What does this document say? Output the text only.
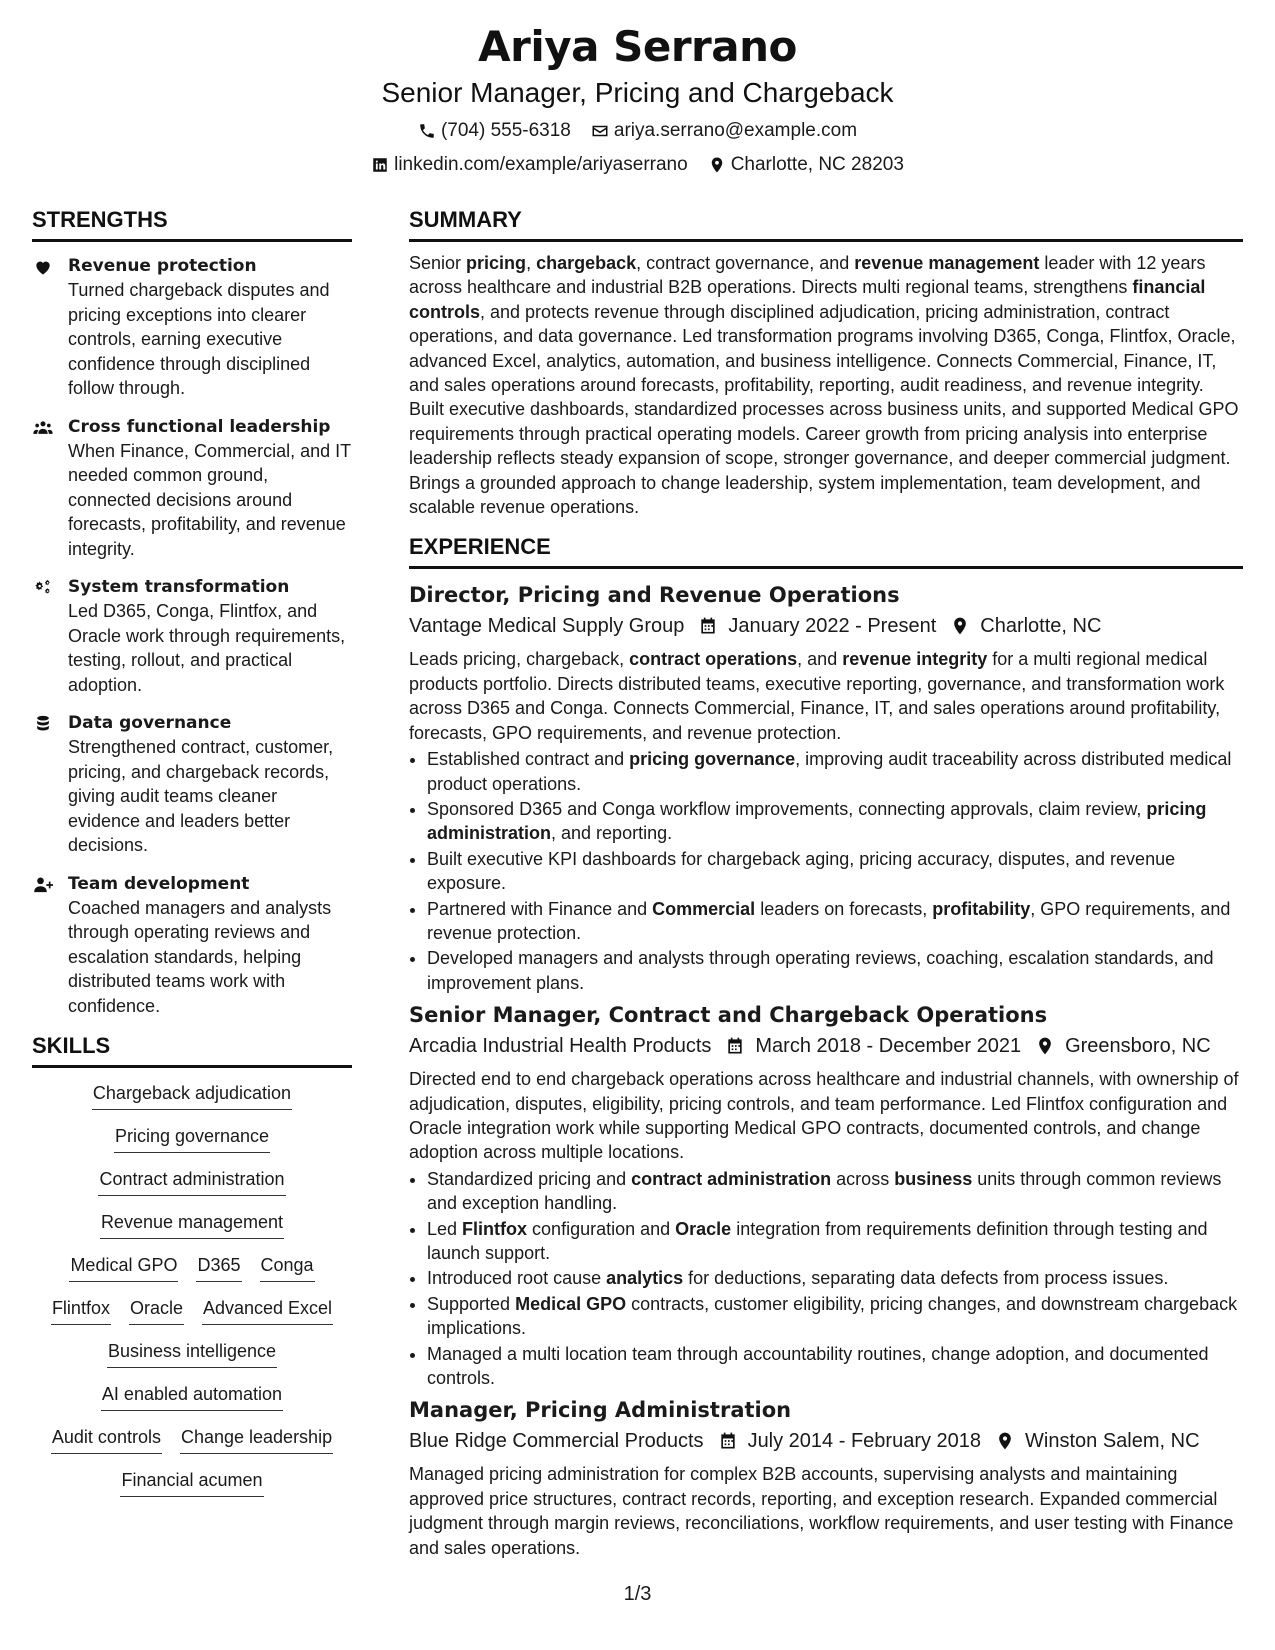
Ariya Serrano
Senior Manager, Pricing and Chargeback
(704) 555-6318 ariya.serrano@example.com
linkedin.com/example/ariyaserrano Charlotte, NC 28203
STRENGTHS
Revenue protection
Turned chargeback disputes and pricing exceptions into clearer controls, earning executive confidence through disciplined follow through.
Cross functional leadership
When Finance, Commercial, and IT needed common ground, connected decisions around forecasts, profitability, and revenue integrity.
System transformation
Led D365, Conga, Flintfox, and Oracle work through requirements, testing, rollout, and practical adoption.
Data governance
Strengthened contract, customer, pricing, and chargeback records, giving audit teams cleaner evidence and leaders better decisions.
Team development
Coached managers and analysts through operating reviews and escalation standards, helping distributed teams work with confidence.
SKILLS
Chargeback adjudication
Pricing governance
Contract administration
Revenue management
Medical GPO D365 Conga
Flintfox Oracle Advanced Excel
Business intelligence
AI enabled automation
Audit controls Change leadership
Financial acumen
SUMMARY
Senior pricing, chargeback, contract governance, and revenue management leader with 12 years across healthcare and industrial B2B operations. Directs multi regional teams, strengthens financial controls, and protects revenue through disciplined adjudication, pricing administration, contract operations, and data governance. Led transformation programs involving D365, Conga, Flintfox, Oracle, advanced Excel, analytics, automation, and business intelligence. Connects Commercial, Finance, IT, and sales operations around forecasts, profitability, reporting, audit readiness, and revenue integrity. Built executive dashboards, standardized processes across business units, and supported Medical GPO requirements through practical operating models. Career growth from pricing analysis into enterprise leadership reflects steady expansion of scope, stronger governance, and deeper commercial judgment. Brings a grounded approach to change leadership, system implementation, team development, and scalable revenue operations.
EXPERIENCE
Director, Pricing and Revenue Operations
Vantage Medical Supply Group January 2022 - Present Charlotte, NC
Leads pricing, chargeback, contract operations, and revenue integrity for a multi regional medical products portfolio. Directs distributed teams, executive reporting, governance, and transformation work across D365 and Conga. Connects Commercial, Finance, IT, and sales operations around profitability, forecasts, GPO requirements, and revenue protection.
• Established contract and pricing governance, improving audit traceability across distributed medical product operations.
• Sponsored D365 and Conga workflow improvements, connecting approvals, claim review, pricing administration, and reporting.
• Built executive KPI dashboards for chargeback aging, pricing accuracy, disputes, and revenue exposure.
• Partnered with Finance and Commercial leaders on forecasts, profitability, GPO requirements, and revenue protection.
• Developed managers and analysts through operating reviews, coaching, escalation standards, and improvement plans.
Senior Manager, Contract and Chargeback Operations
Arcadia Industrial Health Products March 2018 - December 2021 Greensboro, NC
Directed end to end chargeback operations across healthcare and industrial channels, with ownership of adjudication, disputes, eligibility, pricing controls, and team performance. Led Flintfox configuration and Oracle integration work while supporting Medical GPO contracts, documented controls, and change adoption across multiple locations.
• Standardized pricing and contract administration across business units through common reviews and exception handling.
• Led Flintfox configuration and Oracle integration from requirements definition through testing and launch support.
• Introduced root cause analytics for deductions, separating data defects from process issues.
• Supported Medical GPO contracts, customer eligibility, pricing changes, and downstream chargeback implications.
• Managed a multi location team through accountability routines, change adoption, and documented controls.
Manager, Pricing Administration
Blue Ridge Commercial Products July 2014 - February 2018 Winston Salem, NC
Managed pricing administration for complex B2B accounts, supervising analysts and maintaining approved price structures, contract records, reporting, and exception research. Expanded commercial judgment through margin reviews, reconciliations, workflow requirements, and user testing with Finance and sales operations.
1/3
